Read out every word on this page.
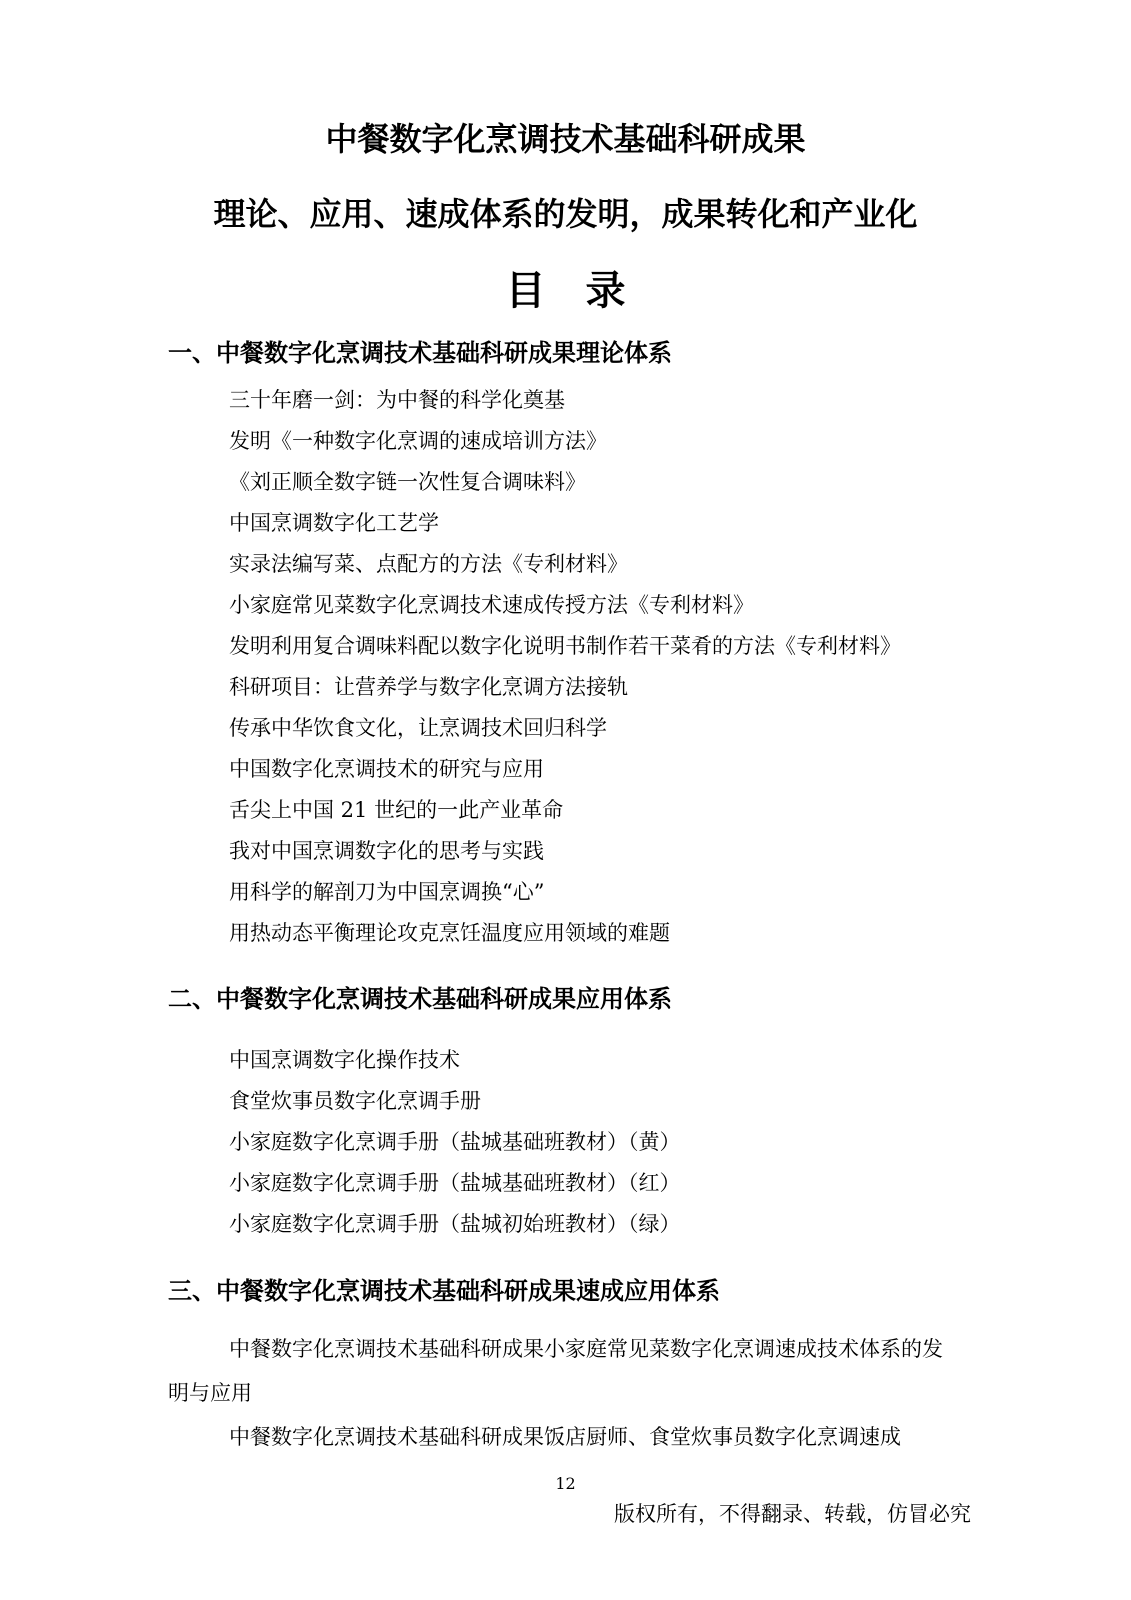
中餐数字化烹调技术基础科研成果
理论、应用、速成体系的发明，成果转化和产业化
目录
一、中餐数字化烹调技术基础科研成果理论体系
三十年磨一剑：为中餐的科学化奠基
发明《一种数字化烹调的速成培训方法》
《刘正顺全数字链一次性复合调味料》
中国烹调数字化工艺学
实录法编写菜、点配方的方法《专利材料》
小家庭常见菜数字化烹调技术速成传授方法《专利材料》
发明利用复合调味料配以数字化说明书制作若干菜肴的方法《专利材料》
科研项目：让营养学与数字化烹调方法接轨
传承中华饮食文化，让烹调技术回归科学
中国数字化烹调技术的研究与应用
舌尖上中国 21 世纪的一此产业革命
我对中国烹调数字化的思考与实践
用科学的解剖刀为中国烹调换“心”
用热动态平衡理论攻克烹饪温度应用领域的难题
二、中餐数字化烹调技术基础科研成果应用体系
中国烹调数字化操作技术
食堂炊事员数字化烹调手册
小家庭数字化烹调手册（盐城基础班教材）（黄）
小家庭数字化烹调手册（盐城基础班教材）（红）
小家庭数字化烹调手册（盐城初始班教材）（绿）
三、中餐数字化烹调技术基础科研成果速成应用体系

中餐数字化烹调技术基础科研成果小家庭常见菜数字化烹调速成技术体系的发明与应用

中餐数字化烹调技术基础科研成果饭店厨师、食堂炊事员数字化烹调速成

12
版权所有，不得翻录、转载，仿冒必究
